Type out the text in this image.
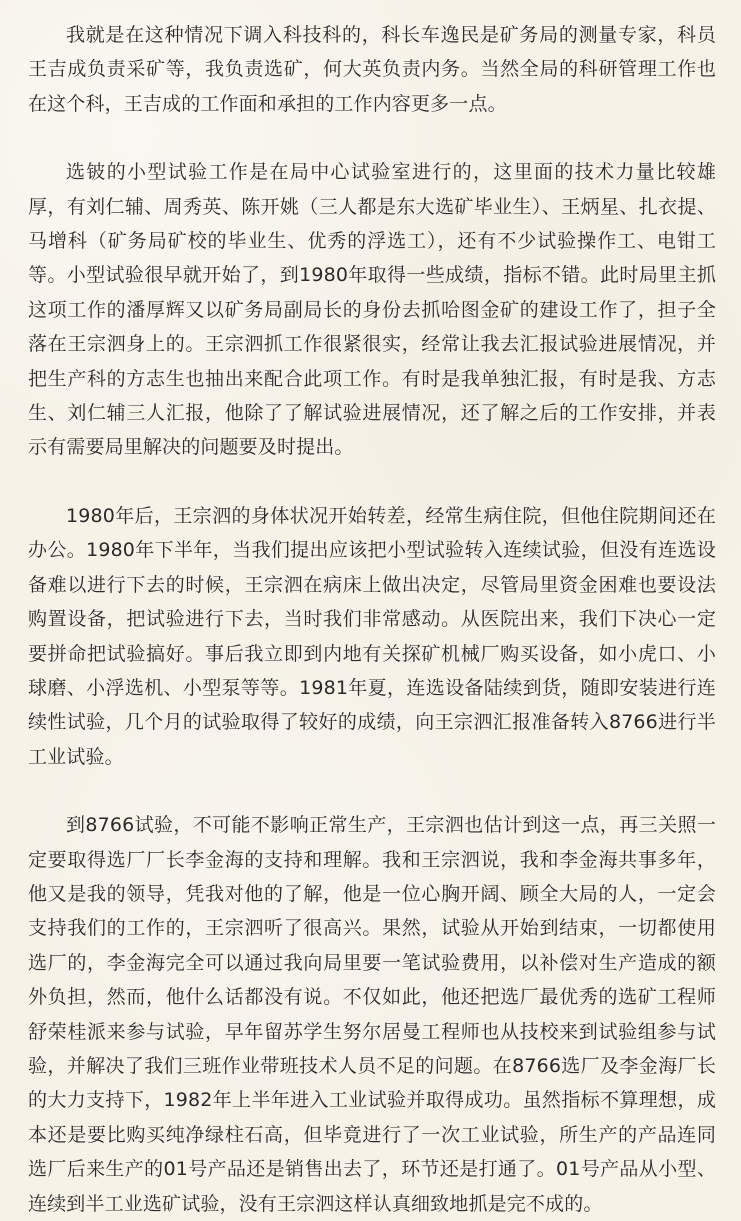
我就是在这种情况下调入科技科的，科长车逸民是矿务局的测量专家，科员王吉成负责采矿等，我负责选矿，何大英负责内务。当然全局的科研管理工作也在这个科，王吉成的工作面和承担的工作内容更多一点。

选铍的小型试验工作是在局中心试验室进行的，这里面的技术力量比较雄厚，有刘仁辅、周秀英、陈开姚（三人都是东大选矿毕业生）、王炳星、扎衣提、马增科（矿务局矿校的毕业生、优秀的浮选工），还有不少试验操作工、电钳工等。小型试验很早就开始了，到1980年取得一些成绩，指标不错。此时局里主抓这项工作的潘厚辉又以矿务局副局长的身份去抓哈图金矿的建设工作了，担子全落在王宗泗身上的。王宗泗抓工作很紧很实，经常让我去汇报试验进展情况，并把生产科的方志生也抽出来配合此项工作。有时是我单独汇报，有时是我、方志生、刘仁辅三人汇报，他除了了解试验进展情况，还了解之后的工作安排，并表示有需要局里解决的问题要及时提出。

1980年后，王宗泗的身体状况开始转差，经常生病住院，但他住院期间还在办公。1980年下半年，当我们提出应该把小型试验转入连续试验，但没有连选设备难以进行下去的时候，王宗泗在病床上做出决定，尽管局里资金困难也要设法购置设备，把试验进行下去，当时我们非常感动。从医院出来，我们下决心一定要拼命把试验搞好。事后我立即到内地有关探矿机械厂购买设备，如小虎口、小球磨、小浮选机、小型泵等等。1981年夏，连选设备陆续到货，随即安装进行连续性试验，几个月的试验取得了较好的成绩，向王宗泗汇报准备转入8766进行半工业试验。

到8766试验，不可能不影响正常生产，王宗泗也估计到这一点，再三关照一定要取得选厂厂长李金海的支持和理解。我和王宗泗说，我和李金海共事多年，他又是我的领导，凭我对他的了解，他是一位心胸开阔、顾全大局的人，一定会支持我们的工作的，王宗泗听了很高兴。果然，试验从开始到结束，一切都使用选厂的，李金海完全可以通过我向局里要一笔试验费用，以补偿对生产造成的额外负担，然而，他什么话都没有说。不仅如此，他还把选厂最优秀的选矿工程师舒荣桂派来参与试验，早年留苏学生努尔居曼工程师也从技校来到试验组参与试验，并解决了我们三班作业带班技术人员不足的问题。在8766选厂及李金海厂长的大力支持下，1982年上半年进入工业试验并取得成功。虽然指标不算理想，成本还是要比购买纯净绿柱石高，但毕竟进行了一次工业试验，所生产的产品连同选厂后来生产的01号产品还是销售出去了，环节还是打通了。01号产品从小型、连续到半工业选矿试验，没有王宗泗这样认真细致地抓是完不成的。
